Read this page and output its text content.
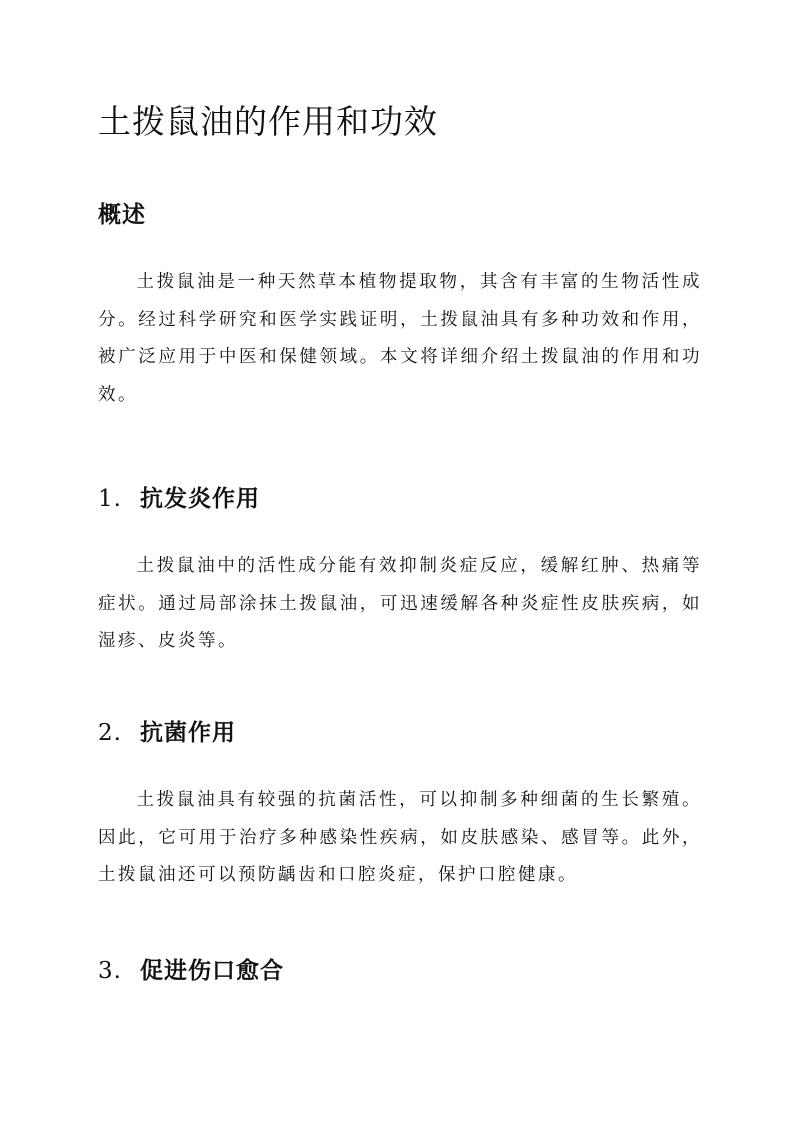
土拨鼠油的作用和功效
概述

土拨鼠油是一种天然草本植物提取物，其含有丰富的生物活性成分。经过科学研究和医学实践证明，土拨鼠油具有多种功效和作用，被广泛应用于中医和保健领域。本文将详细介绍土拨鼠油的作用和功效。

1. 抗发炎作用

土拨鼠油中的活性成分能有效抑制炎症反应，缓解红肿、热痛等症状。通过局部涂抹土拨鼠油，可迅速缓解各种炎症性皮肤疾病，如湿疹、皮炎等。

2. 抗菌作用

土拨鼠油具有较强的抗菌活性，可以抑制多种细菌的生长繁殖。因此，它可用于治疗多种感染性疾病，如皮肤感染、感冒等。此外，土拨鼠油还可以预防龋齿和口腔炎症，保护口腔健康。

3. 促进伤口愈合
